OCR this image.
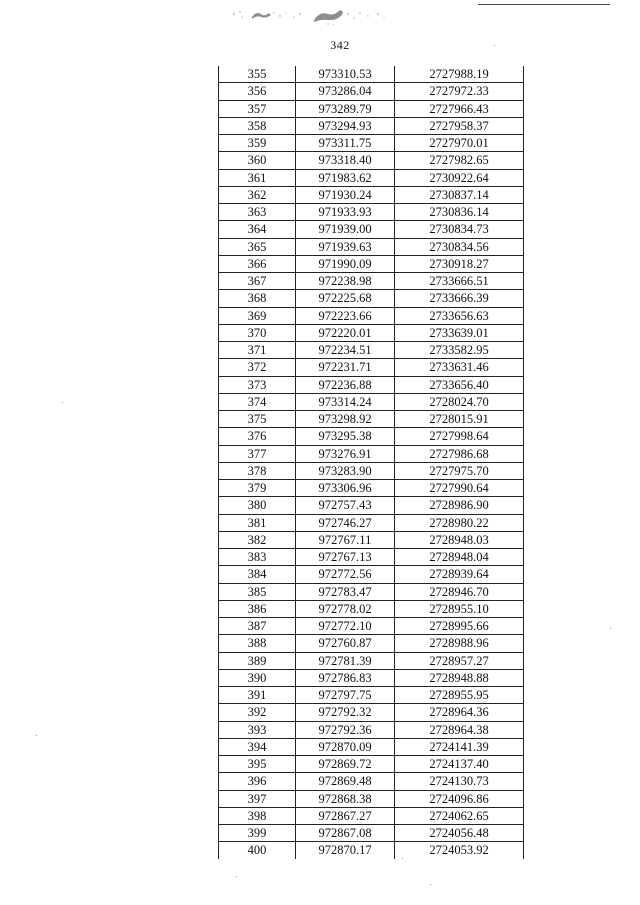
342
355	973310.53	2727988.19
356	973286.04	2727972.33
357	973289.79	2727966.43
358	973294.93	2727958.37
359	973311.75	2727970.01
360	973318.40	2727982.65
361	971983.62	2730922.64
362	971930.24	2730837.14
363	971933.93	2730836.14
364	971939.00	2730834.73
365	971939.63	2730834.56
366	971990.09	2730918.27
367	972238.98	2733666.51
368	972225.68	2733666.39
369	972223.66	2733656.63
370	972220.01	2733639.01
371	972234.51	2733582.95
372	972231.71	2733631.46
373	972236.88	2733656.40
374	973314.24	2728024.70
375	973298.92	2728015.91
376	973295.38	2727998.64
377	973276.91	2727986.68
378	973283.90	2727975.70
379	973306.96	2727990.64
380	972757.43	2728986.90
381	972746.27	2728980.22
382	972767.11	2728948.03
383	972767.13	2728948.04
384	972772.56	2728939.64
385	972783.47	2728946.70
386	972778.02	2728955.10
387	972772.10	2728995.66
388	972760.87	2728988.96
389	972781.39	2728957.27
390	972786.83	2728948.88
391	972797.75	2728955.95
392	972792.32	2728964.36
393	972792.36	2728964.38
394	972870.09	2724141.39
395	972869.72	2724137.40
396	972869.48	2724130.73
397	972868.38	2724096.86
398	972867.27	2724062.65
399	972867.08	2724056.48
400	972870.17	2724053.92
